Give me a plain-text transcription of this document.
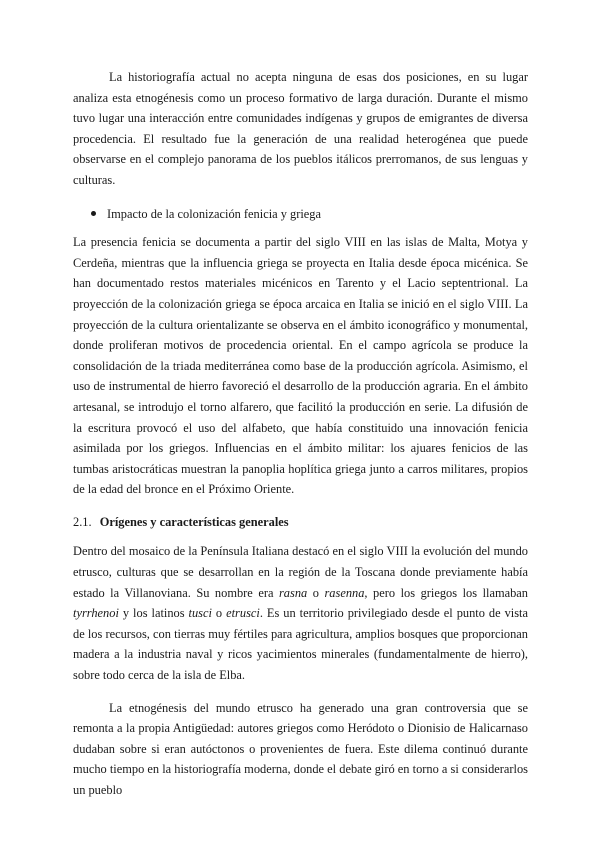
La historiografía actual no acepta ninguna de esas dos posiciones, en su lugar analiza esta etnogénesis como un proceso formativo de larga duración. Durante el mismo tuvo lugar una interacción entre comunidades indígenas y grupos de emigrantes de diversa procedencia. El resultado fue la generación de una realidad heterogénea que puede observarse en el complejo panorama de los pueblos itálicos prerromanos, de sus lenguas y culturas.

Impacto de la colonización fenicia y griega

La presencia fenicia se documenta a partir del siglo VIII en las islas de Malta, Motya y Cerdeña, mientras que la influencia griega se proyecta en Italia desde época micénica. Se han documentado restos materiales micénicos en Tarento y el Lacio septentrional. La proyección de la colonización griega se época arcaica en Italia se inició en el siglo VIII. La proyección de la cultura orientalizante se observa en el ámbito iconográfico y monumental, donde proliferan motivos de procedencia oriental. En el campo agrícola se produce la consolidación de la triada mediterránea como base de la producción agrícola. Asimismo, el uso de instrumental de hierro favoreció el desarrollo de la producción agraria. En el ámbito artesanal, se introdujo el torno alfarero, que facilitó la producción en serie. La difusión de la escritura provocó el uso del alfabeto, que había constituido una innovación fenicia asimilada por los griegos. Influencias en el ámbito militar: los ajuares fenicios de las tumbas aristocráticas muestran la panoplia hoplítica griega junto a carros militares, propios de la edad del bronce en el Próximo Oriente.

2.1. Orígenes y características generales

Dentro del mosaico de la Península Italiana destacó en el siglo VIII la evolución del mundo etrusco, culturas que se desarrollan en la región de la Toscana donde previamente había estado la Villanoviana. Su nombre era rasna o rasenna, pero los griegos los llamaban tyrrhenoi y los latinos tusci o etrusci. Es un territorio privilegiado desde el punto de vista de los recursos, con tierras muy fértiles para agricultura, amplios bosques que proporcionan madera a la industria naval y ricos yacimientos minerales (fundamentalmente de hierro), sobre todo cerca de la isla de Elba.

La etnogénesis del mundo etrusco ha generado una gran controversia que se remonta a la propia Antigüedad: autores griegos como Heródoto o Dionisio de Halicarnaso dudaban sobre si eran autóctonos o provenientes de fuera. Este dilema continuó durante mucho tiempo en la historiografía moderna, donde el debate giró en torno a si considerarlos un pueblo
